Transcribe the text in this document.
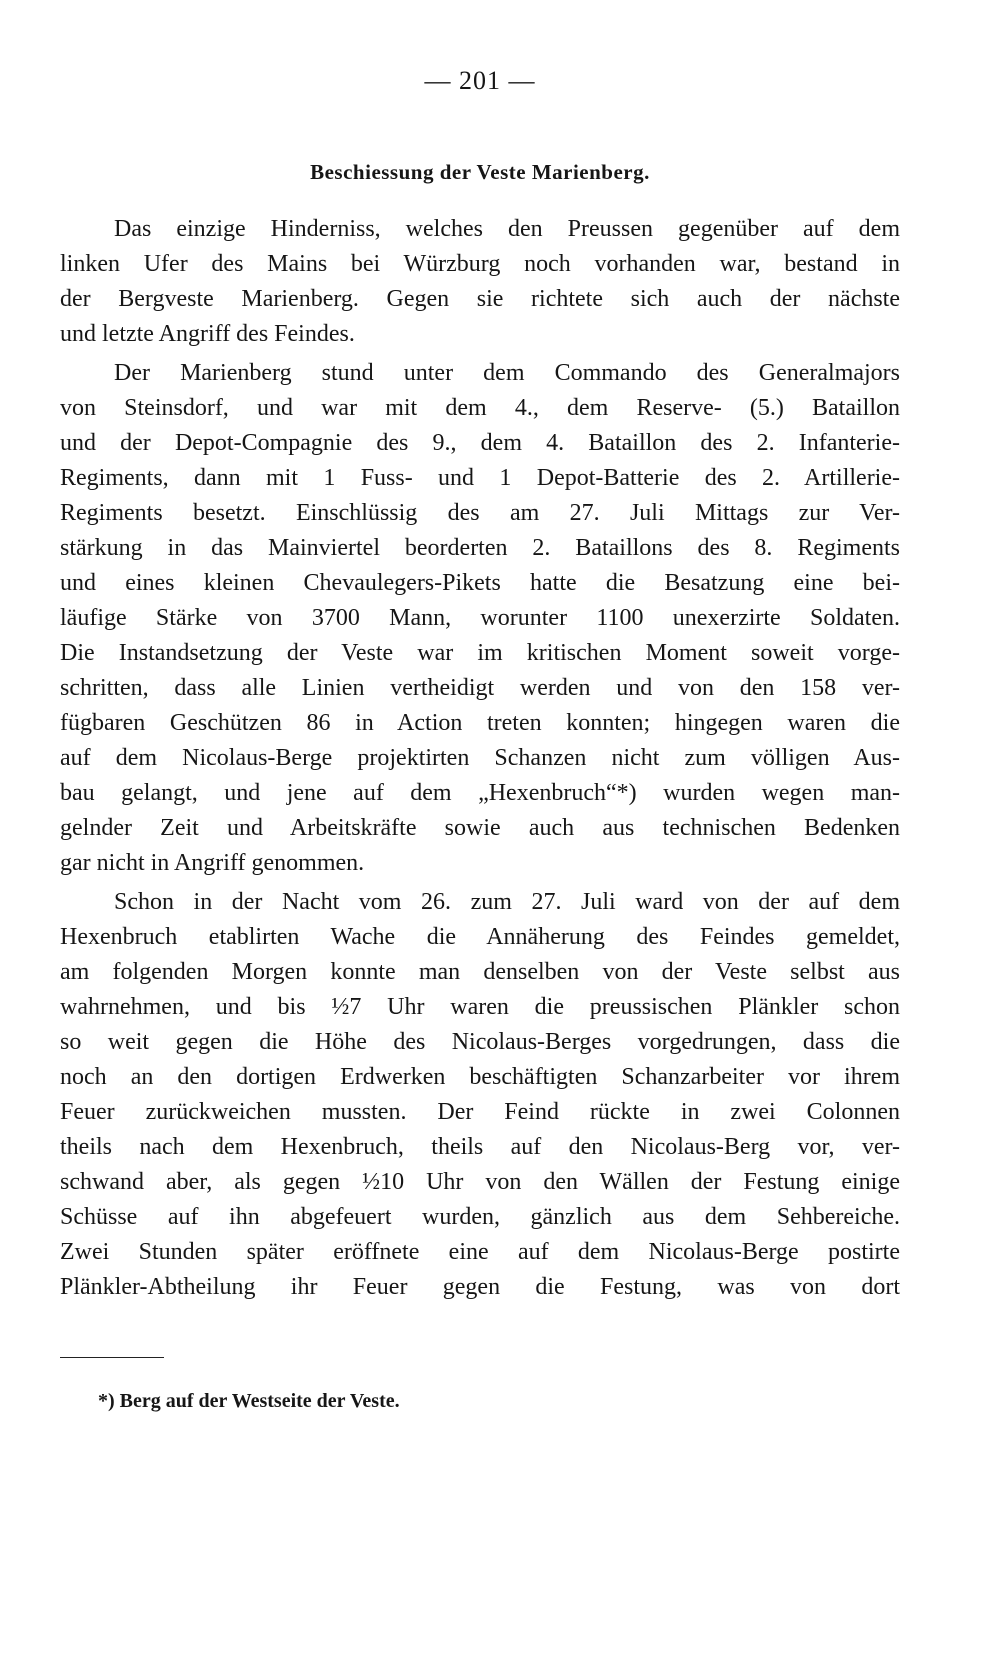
— 201 —
Beschiessung der Veste Marienberg.
Das einzige Hinderniss, welches den Preussen gegenüber auf dem
linken Ufer des Mains bei Würzburg noch vorhanden war, bestand in
der Bergveste Marienberg. Gegen sie richtete sich auch der nächste
und letzte Angriff des Feindes.
Der Marienberg stund unter dem Commando des Generalmajors
von Steinsdorf, und war mit dem 4., dem Reserve- (5.) Bataillon
und der Depot-Compagnie des 9., dem 4. Bataillon des 2. Infanterie-
Regiments, dann mit 1 Fuss- und 1 Depot-Batterie des 2. Artillerie-
Regiments besetzt. Einschlüssig des am 27. Juli Mittags zur Ver-
stärkung in das Mainviertel beorderten 2. Bataillons des 8. Regiments
und eines kleinen Chevaulegers-Pikets hatte die Besatzung eine bei-
läufige Stärke von 3700 Mann, worunter 1100 unexerzirte Soldaten.
Die Instandsetzung der Veste war im kritischen Moment soweit vorge-
schritten, dass alle Linien vertheidigt werden und von den 158 ver-
fügbaren Geschützen 86 in Action treten konnten; hingegen waren die
auf dem Nicolaus-Berge projektirten Schanzen nicht zum völligen Aus-
bau gelangt, und jene auf dem „Hexenbruch“*) wurden wegen man-
gelnder Zeit und Arbeitskräfte sowie auch aus technischen Bedenken
gar nicht in Angriff genommen.
Schon in der Nacht vom 26. zum 27. Juli ward von der auf dem
Hexenbruch etablirten Wache die Annäherung des Feindes gemeldet,
am folgenden Morgen konnte man denselben von der Veste selbst aus
wahrnehmen, und bis ½7 Uhr waren die preussischen Plänkler schon
so weit gegen die Höhe des Nicolaus-Berges vorgedrungen, dass die
noch an den dortigen Erdwerken beschäftigten Schanzarbeiter vor ihrem
Feuer zurückweichen mussten. Der Feind rückte in zwei Colonnen
theils nach dem Hexenbruch, theils auf den Nicolaus-Berg vor, ver-
schwand aber, als gegen ½10 Uhr von den Wällen der Festung einige
Schüsse auf ihn abgefeuert wurden, gänzlich aus dem Sehbereiche.
Zwei Stunden später eröffnete eine auf dem Nicolaus-Berge postirte
Plänkler-Abtheilung ihr Feuer gegen die Festung, was von dort
*) Berg auf der Westseite der Veste.
